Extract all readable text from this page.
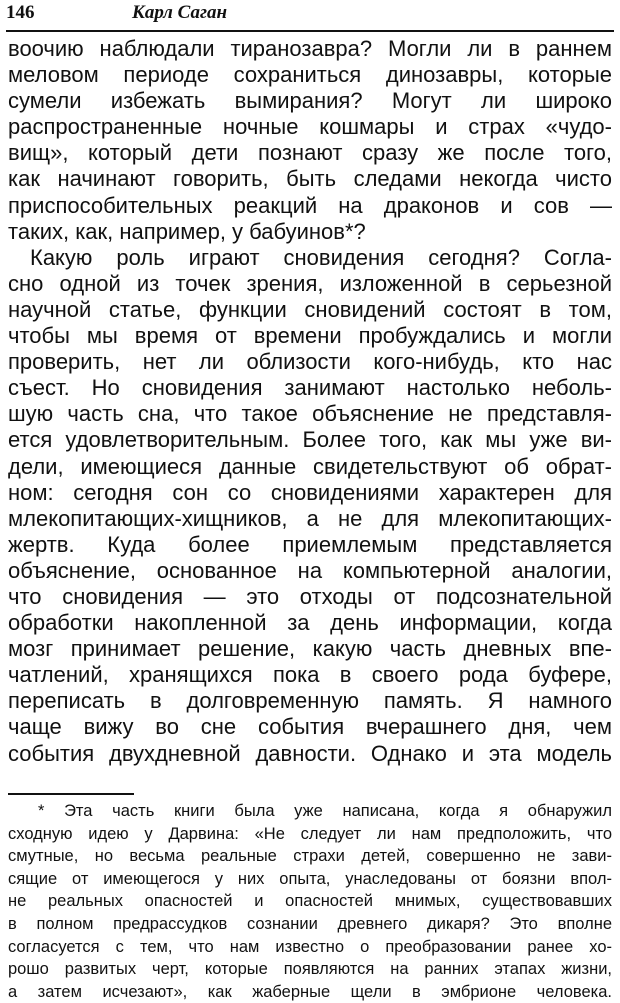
146	Карл Саган
воочию наблюдали тиранозавра? Могли ли в раннем
меловом периоде сохраниться динозавры, которые
сумели избежать вымирания? Могут ли широко
распространенные ночные кошмары и страх «чудо-
вищ», который дети познают сразу же после того,
как начинают говорить, быть следами некогда чисто
приспособительных реакций на драконов и сов —
таких, как, например, у бабуинов*?
Какую роль играют сновидения сегодня? Согла-
сно одной из точек зрения, изложенной в серьезной
научной статье, функции сновидений состоят в том,
чтобы мы время от времени пробуждались и могли
проверить, нет ли облизости кого-нибудь, кто нас
съест. Но сновидения занимают настолько неболь-
шую часть сна, что такое объяснение не представля-
ется удовлетворительным. Более того, как мы уже ви-
дели, имеющиеся данные свидетельствуют об обрат-
ном: сегодня сон со сновидениями характерен для
млекопитающих-хищников, а не для млекопитающих-
жертв. Куда более приемлемым представляется
объяснение, основанное на компьютерной аналогии,
что сновидения — это отходы от подсознательной
обработки накопленной за день информации, когда
мозг принимает решение, какую часть дневных впе-
чатлений, хранящихся пока в своего рода буфере,
переписать в долговременную память. Я намного
чаще вижу во сне события вчерашнего дня, чем
события двухдневной давности. Однако и эта модель
* Эта часть книги была уже написана, когда я обнаружил
сходную идею у Дарвина: «Не следует ли нам предположить, что
смутные, но весьма реальные страхи детей, совершенно не зави-
сящие от имеющегося у них опыта, унаследованы от боязни впол-
не реальных опасностей и опасностей мнимых, существовавших
в полном предрассудков сознании древнего дикаря? Это вполне
согласуется с тем, что нам известно о преобразовании ранее хо-
рошо развитых черт, которые появляются на ранних этапах жизни,
а затем исчезают», как жаберные щели в эмбрионе человека.
